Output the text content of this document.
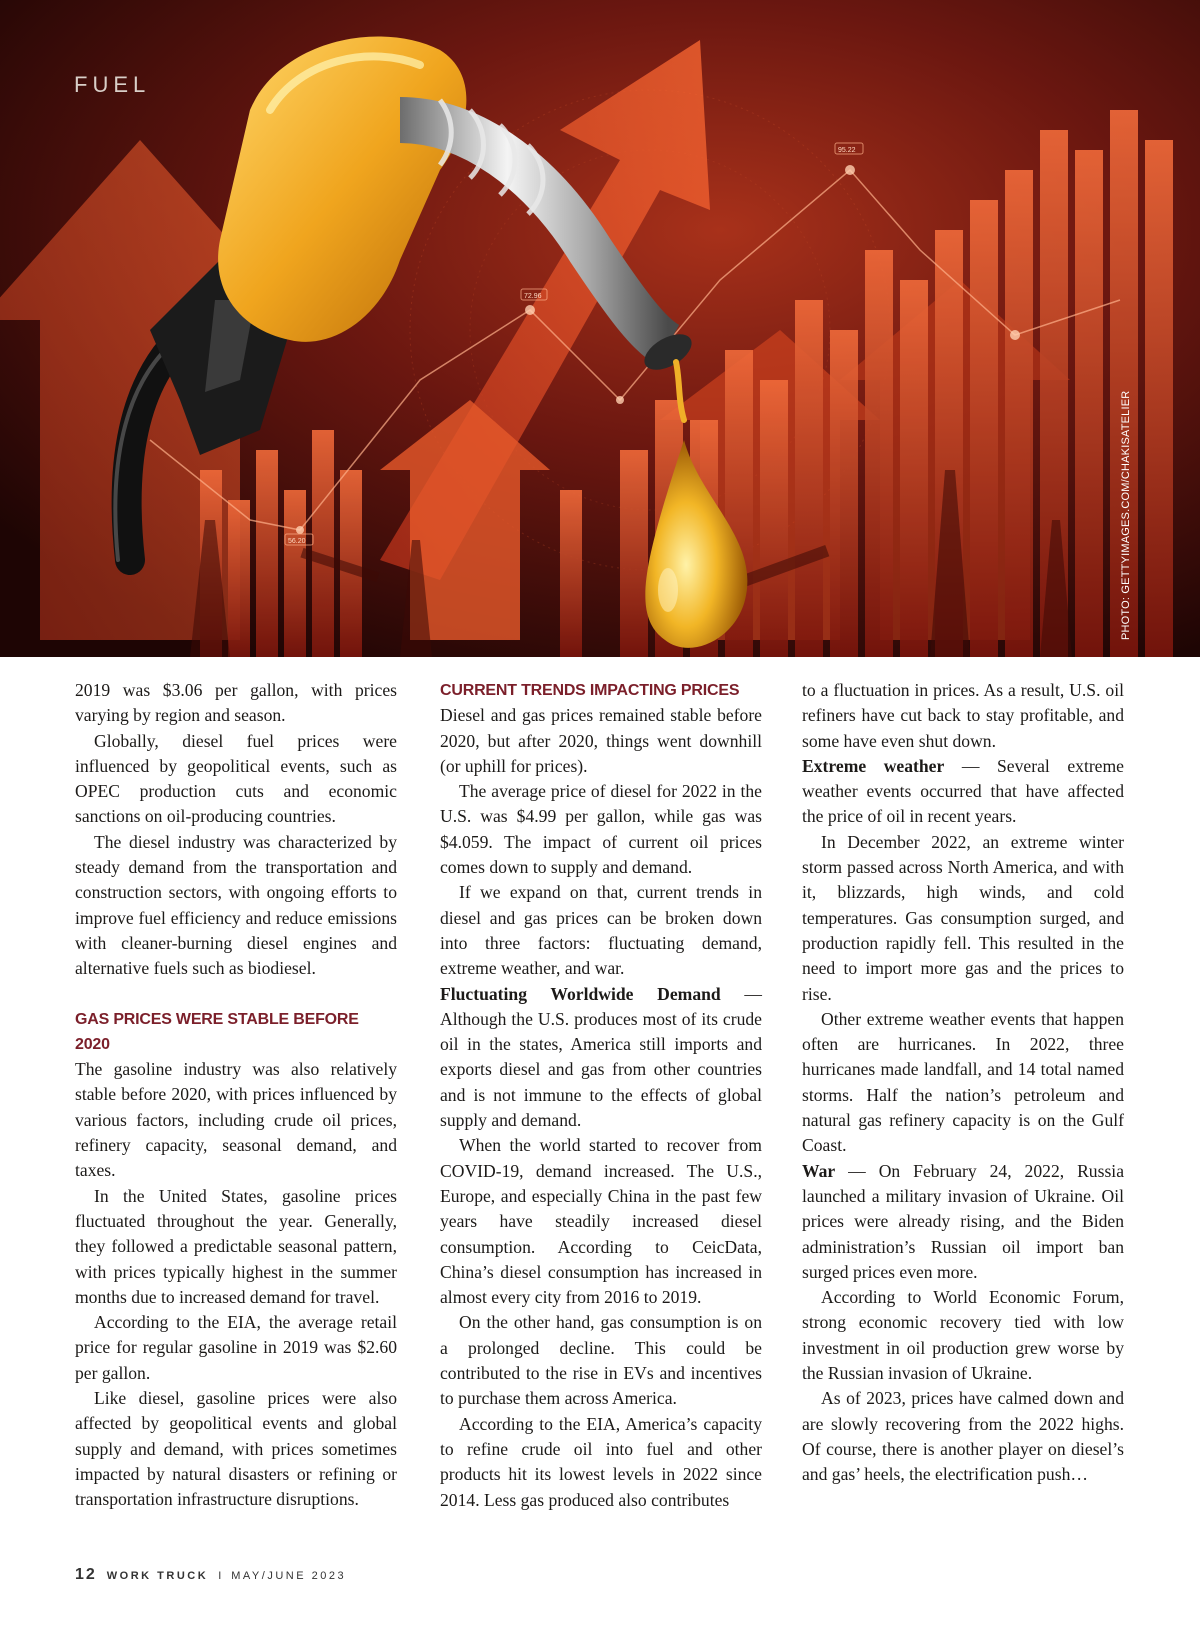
72.96
56.20
95.22
FUEL
PHOTO: GETTYIMAGES.COM/CHAKISATELIER

2019 was $3.06 per gallon, with prices varying by region and season.

Globally, diesel fuel prices were influenced by geopolitical events, such as OPEC production cuts and economic sanctions on oil-producing countries.

The diesel industry was characterized by steady demand from the transportation and construction sectors, with ongoing efforts to improve fuel efficiency and reduce emissions with cleaner-burning diesel engines and alternative fuels such as biodiesel.

GAS PRICES WERE STABLE BEFORE 2020

The gasoline industry was also relatively stable before 2020, with prices influenced by various factors, including crude oil prices, refinery capacity, seasonal demand, and taxes.

In the United States, gasoline prices fluctuated throughout the year. Generally, they followed a predictable seasonal pattern, with prices typically highest in the summer months due to increased demand for travel.

According to the EIA, the average retail price for regular gasoline in 2019 was $2.60 per gallon.

Like diesel, gasoline prices were also affected by geopolitical events and global supply and demand, with prices sometimes impacted by natural disasters or refining or transportation infrastructure disruptions.

CURRENT TRENDS IMPACTING PRICES

Diesel and gas prices remained stable before 2020, but after 2020, things went downhill (or uphill for prices).

The average price of diesel for 2022 in the U.S. was $4.99 per gallon, while gas was $4.059. The impact of current oil prices comes down to supply and demand.

If we expand on that, current trends in diesel and gas prices can be broken down into three factors: fluctuating demand, extreme weather, and war.

Fluctuating Worldwide Demand — Although the U.S. produces most of its crude oil in the states, America still imports and exports diesel and gas from other countries and is not immune to the effects of global supply and demand.

When the world started to recover from COVID-19, demand increased. The U.S., Europe, and especially China in the past few years have steadily increased diesel consumption. According to CeicData, China’s diesel consumption has increased in almost every city from 2016 to 2019.

On the other hand, gas consumption is on a prolonged decline. This could be contributed to the rise in EVs and incentives to purchase them across America.

According to the EIA, America’s capacity to refine crude oil into fuel and other products hit its lowest levels in 2022 since 2014. Less gas produced also contributes

to a fluctuation in prices. As a result, U.S. oil refiners have cut back to stay profitable, and some have even shut down.

Extreme weather — Several extreme weather events occurred that have affected the price of oil in recent years.

In December 2022, an extreme winter storm passed across North America, and with it, blizzards, high winds, and cold temperatures. Gas consumption surged, and production rapidly fell. This resulted in the need to import more gas and the prices to rise.

Other extreme weather events that happen often are hurricanes. In 2022, three hurricanes made landfall, and 14 total named storms. Half the nation’s petroleum and natural gas refinery capacity is on the Gulf Coast.

War — On February 24, 2022, Russia launched a military invasion of Ukraine. Oil prices were already rising, and the Biden administration’s Russian oil import ban surged prices even more.

According to World Economic Forum, strong economic recovery tied with low investment in oil production grew worse by the Russian invasion of Ukraine.

As of 2023, prices have calmed down and are slowly recovering from the 2022 highs. Of course, there is another player on diesel’s and gas’ heels, the electrification push…

12 WORK TRUCK I MAY/JUNE 2023
